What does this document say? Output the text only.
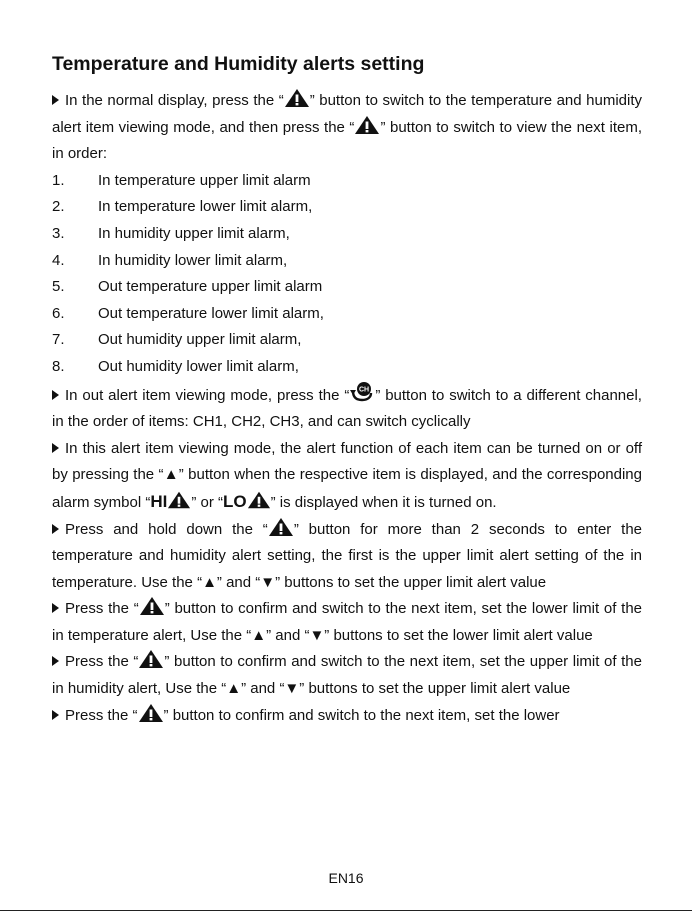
Temperature and Humidity alerts setting

In the normal display, press the “ ” button to switch to the temperature and humidity alert item viewing mode, and then press the “ ” button to switch to view the next item, in order:

1.	In temperature upper limit alarm
2.	In temperature lower limit alarm,
3.	In humidity upper limit alarm,
4.	In humidity lower limit alarm,
5.	Out temperature upper limit alarm
6.	Out temperature lower limit alarm,
7.	Out humidity upper limit alarm,
8.	Out humidity lower limit alarm,

In out alert item viewing mode, press the “ CH ” button to switch to a different channel, in the order of items: CH1, CH2, CH3, and can switch cyclically

In this alert item viewing mode, the alert function of each item can be turned on or off by pressing the “▲” button when the respective item is displayed, and the corresponding alarm symbol “HI ” or “LO ” is displayed when it is turned on.

Press and hold down the “ ” button for more than 2 seconds to enter the temperature and humidity alert setting, the first is the upper limit alert setting of the in temperature. Use the “▲” and “▼” buttons to set the upper limit alert value

Press the “ ” button to confirm and switch to the next item, set the lower limit of the in temperature alert, Use the “▲” and “▼” buttons to set the lower limit alert value

Press the “ ” button to confirm and switch to the next item, set the upper limit of the in humidity alert, Use the “▲” and “▼” buttons to set the upper limit alert value

Press the “ ” button to confirm and switch to the next item, set the lower

EN16
